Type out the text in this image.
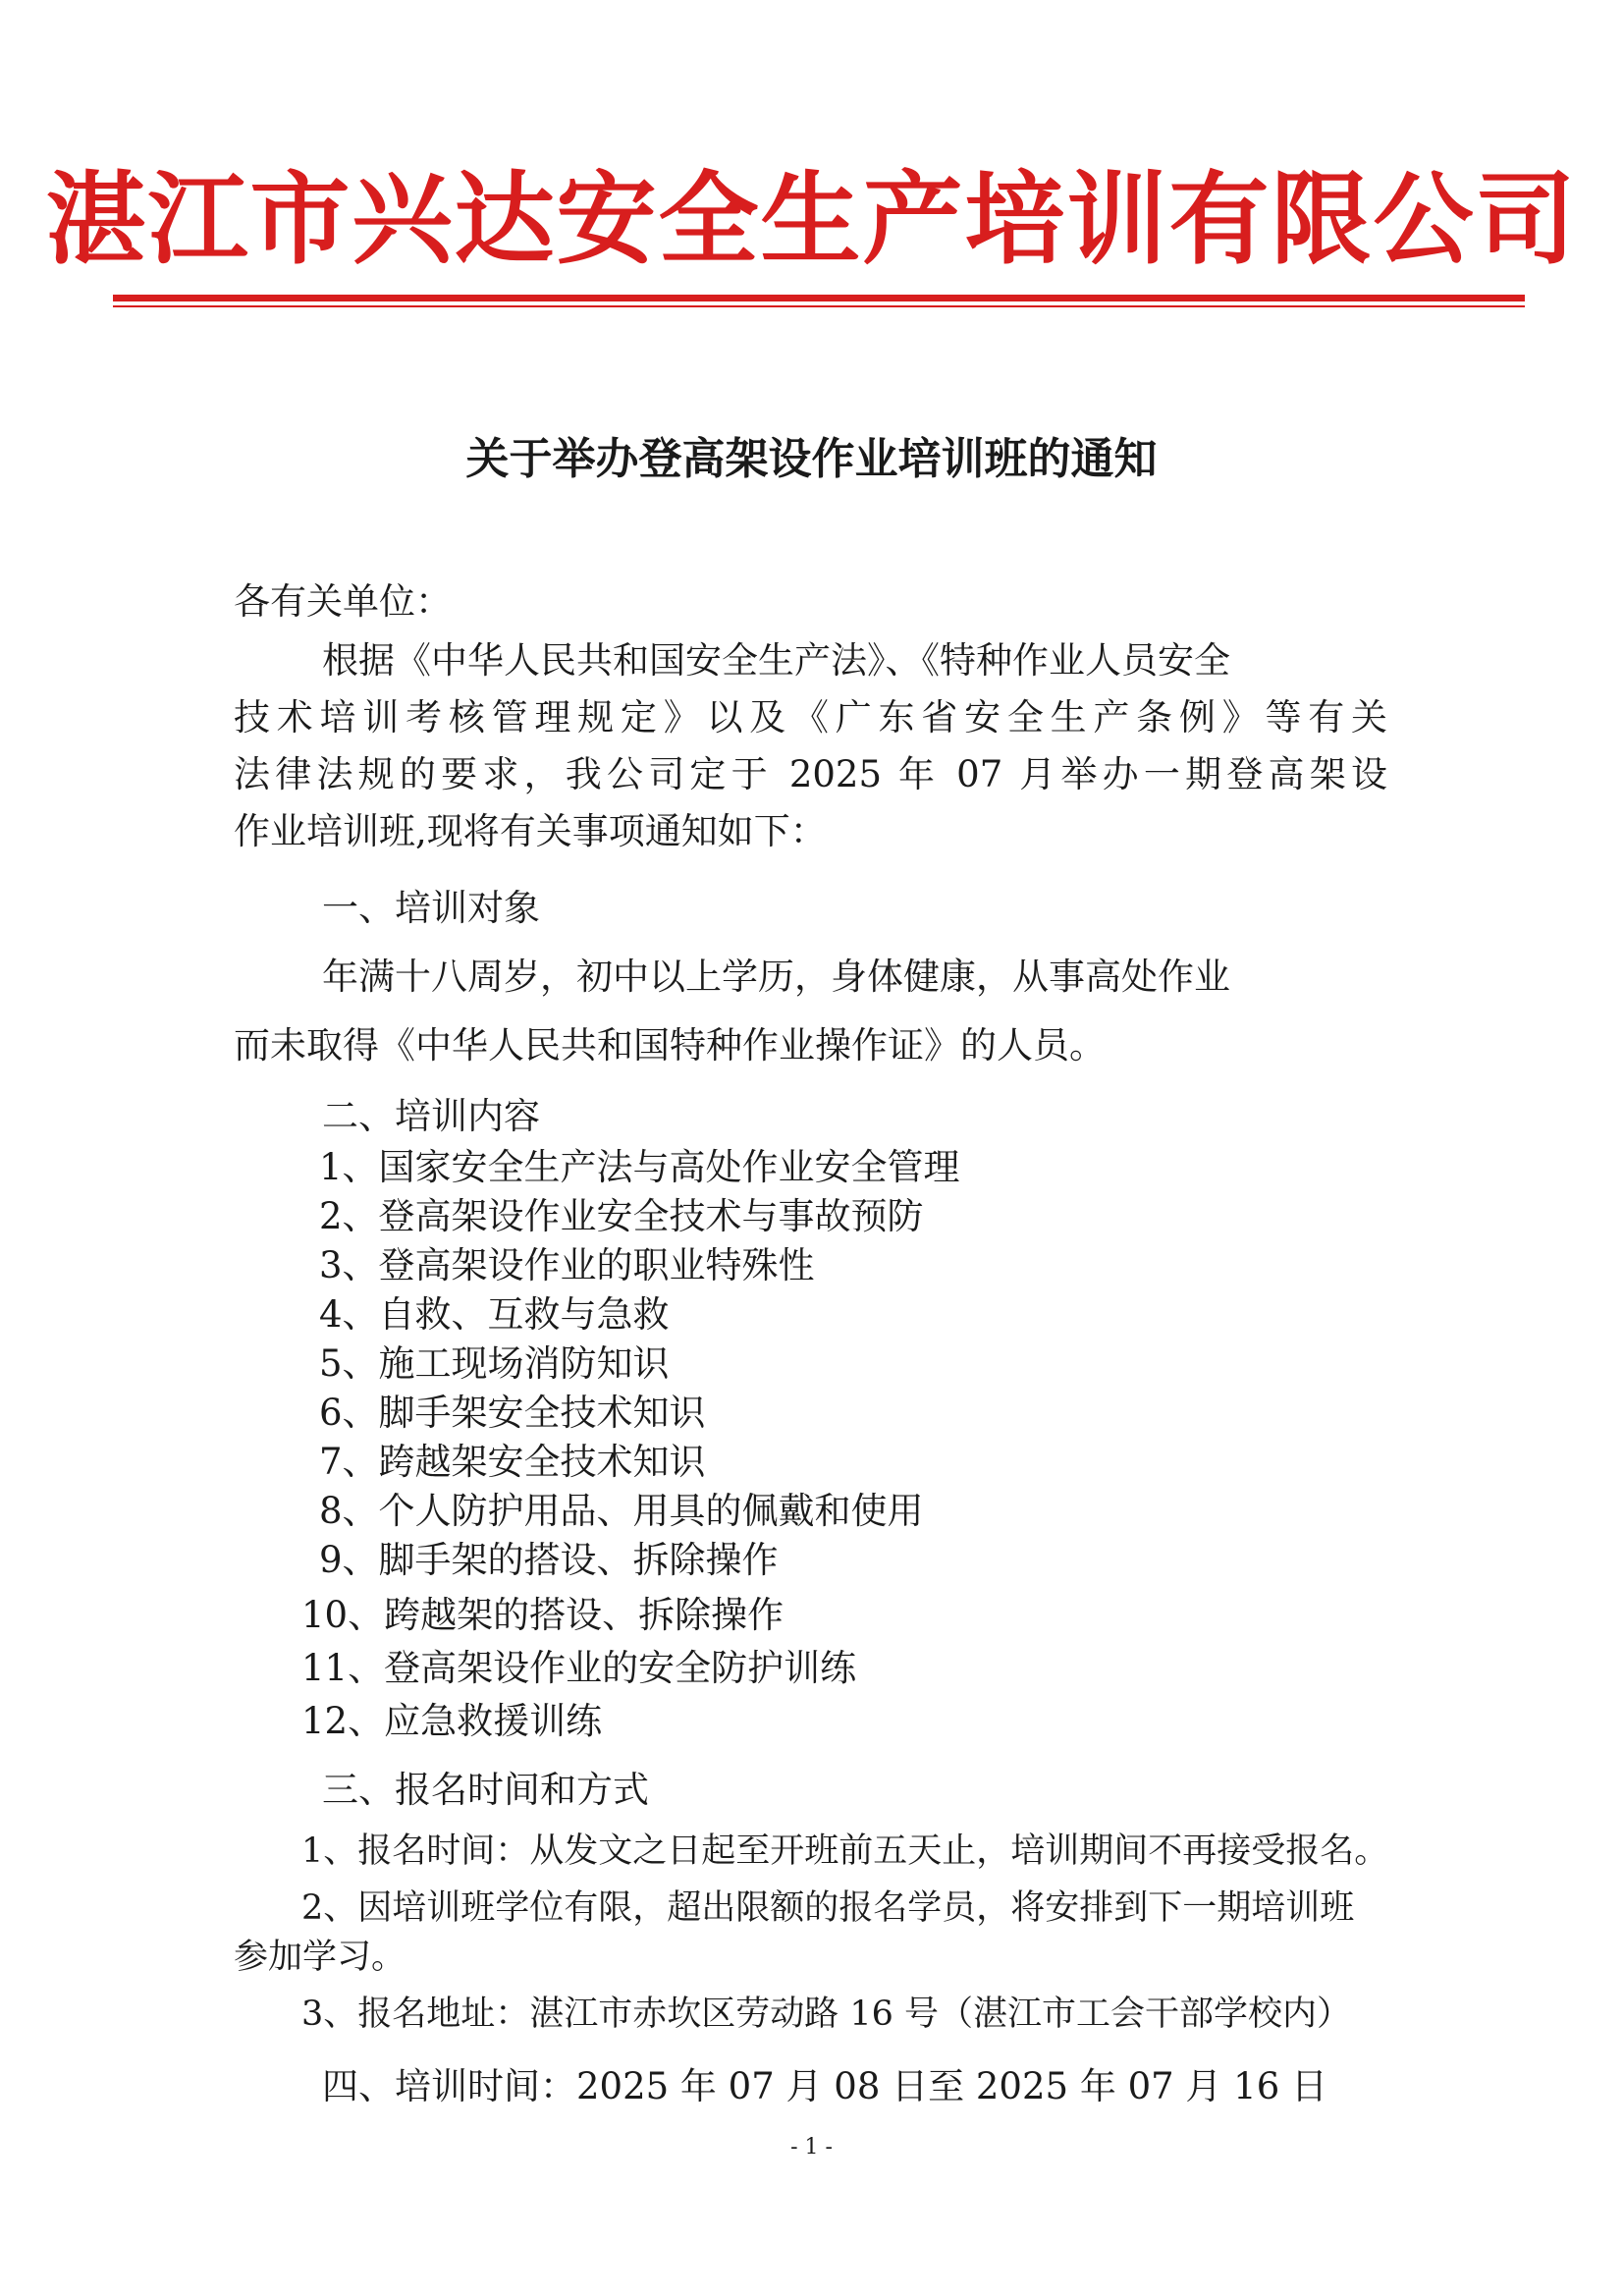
湛江市兴达安全生产培训有限公司
关于举办登高架设作业培训班的通知
各有关单位：
根据《中华人民共和国安全生产法》、《特种作业人员安全
技术培训考核管理规定》以及《广东省安全生产条例》等有关
法律法规的要求，我公司定于 2025 年 07 月举办一期登高架设
作业培训班,现将有关事项通知如下：
一、培训对象
年满十八周岁，初中以上学历，身体健康，从事高处作业
而未取得《中华人民共和国特种作业操作证》的人员。
二、培训内容
1、国家安全生产法与高处作业安全管理
2、登高架设作业安全技术与事故预防
3、登高架设作业的职业特殊性
4、自救、互救与急救
5、施工现场消防知识
6、脚手架安全技术知识
7、跨越架安全技术知识
8、个人防护用品、用具的佩戴和使用
9、脚手架的搭设、拆除操作
10、跨越架的搭设、拆除操作
11、登高架设作业的安全防护训练
12、应急救援训练
三、报名时间和方式
1、报名时间：从发文之日起至开班前五天止，培训期间不再接受报名。
2、因培训班学位有限，超出限额的报名学员，将安排到下一期培训班
参加学习。
3、报名地址：湛江市赤坎区劳动路 16 号（湛江市工会干部学校内）
四、培训时间：2025 年 07 月 08 日至 2025 年 07 月 16 日
- 1 -
